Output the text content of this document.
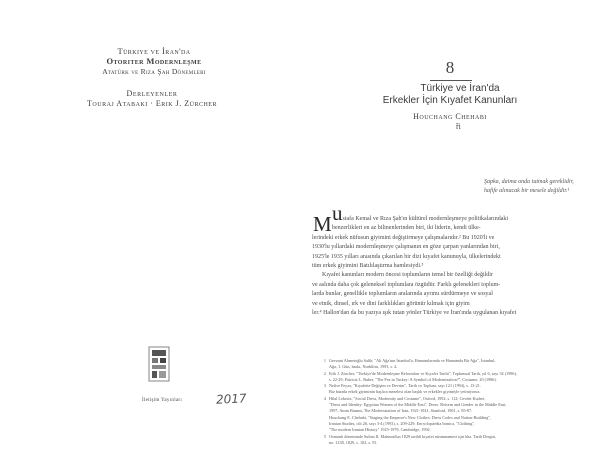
Türkiye ve İran'da
Otoriter Modernleşme
Atatürk ve Rıza Şah Dönemleri
Derleyenler
Touraj Atabaki · Erik J. Zürcher
İletişim Yayınları	2017
8
Türkiye ve İran'da
Erkekler İçin Kıyafet Kanunları
Houchang Chehabi
ři
Şapka, daima onda tutmak gereklidir,
hafife alınacak bir mesele değildir.¹
M ustafa Kemal ve Rıza Şah'ın kültürel modernleşmeye politikalarındaki
benzerlikleri en az bilinenlerinden biri, iki liderin, kendi ülke-
lerindeki erkek nüfusun giyimini değiştirmeye çalışmalarıdır.² Bu 1920'li ve
1930'lu yıllardaki modernleşmeye çalışmanın en göze çarpan yanlarından biri,
1925'le 1935 yılları arasında çıkarılan bir dizi kıyafet kanunuyla, ülkelerindeki
tüm erkek giyimini Batılılaştırma hamlesiydi.³
Kıyafet kanunları modern öncesi toplumların temel bir özelliği değildir
ve aslında daha çok geleneksel toplumlara özgüdür. Farklı gelenekleri toplum-
larda bunlar, genellikle toplumların aralarında ayrımı sürdürmeye ve sosyal
ve etnik, dinsel, ırk ve dini farklılıkları görünür kılmak için giyim
ler.⁴ Hallon'dan da bu yazıya ışık tutan yönler Türkiye ve İran'ında uygulanan kıyafet
1 Gevzani Ahmetoğlu Salih, "Ali Ağa'nın İstanbul'u, Hamamlarında ve Hamamda Bir Ağa", İstanbul,
Ağa, 1. Gün, baskı, Nurbilim, 1993, s. 4.
2 Erik J. Zürcher, "Türkiye'de Modernleşme Reformları ve Kıyafet Tarihi", Toplumsal Tarih, yıl 6, sayı 34 (1996),
s. 22-29; Patricia L. Baker, "The Fez in Turkey: A Symbol of Modernization?", Costume, 20 (1986).
3 Nefise Feyza, "Kıyafette Değişim ve Devrim", Tarih ve Toplum, sayı 121 (1994), s. 13-21.
Biz burada erkek giyiminin başlıca meselesi olan başlık ve erkekler giyimiyle yetiniyoruz.
4 Hilal Lekesiz, "Social Dress, Modernity and Costume", Oxford, 1992, s. 112; Cevdet Kudret,
"Dress and Identity: Egyptian Women of the Middle East", Dress: Reform and Gender in the Middle East,
1997; Amin Banani, The Modernization of Iran, 1921-1941, Stanford, 1961, s. 85-87.
Houchang E. Chehabi, "Staging the Emperor's New Clothes: Dress Codes and Nation-Building",
Iranian Studies, cilt 26, sayı 3-4 (1993), s. 209-229; Encyclopaedia Iranica, "Clothing".
"The modern Iranian History" 1925-1979, Cambridge, 1992.
5 Osmanlı döneminde Sultan II. Mahmud'un 1829 tarihli kıyafet nizamnamesi için bkz. Tarih Dergisi,
no. 1238, 1829, s. 102, s. 55.
